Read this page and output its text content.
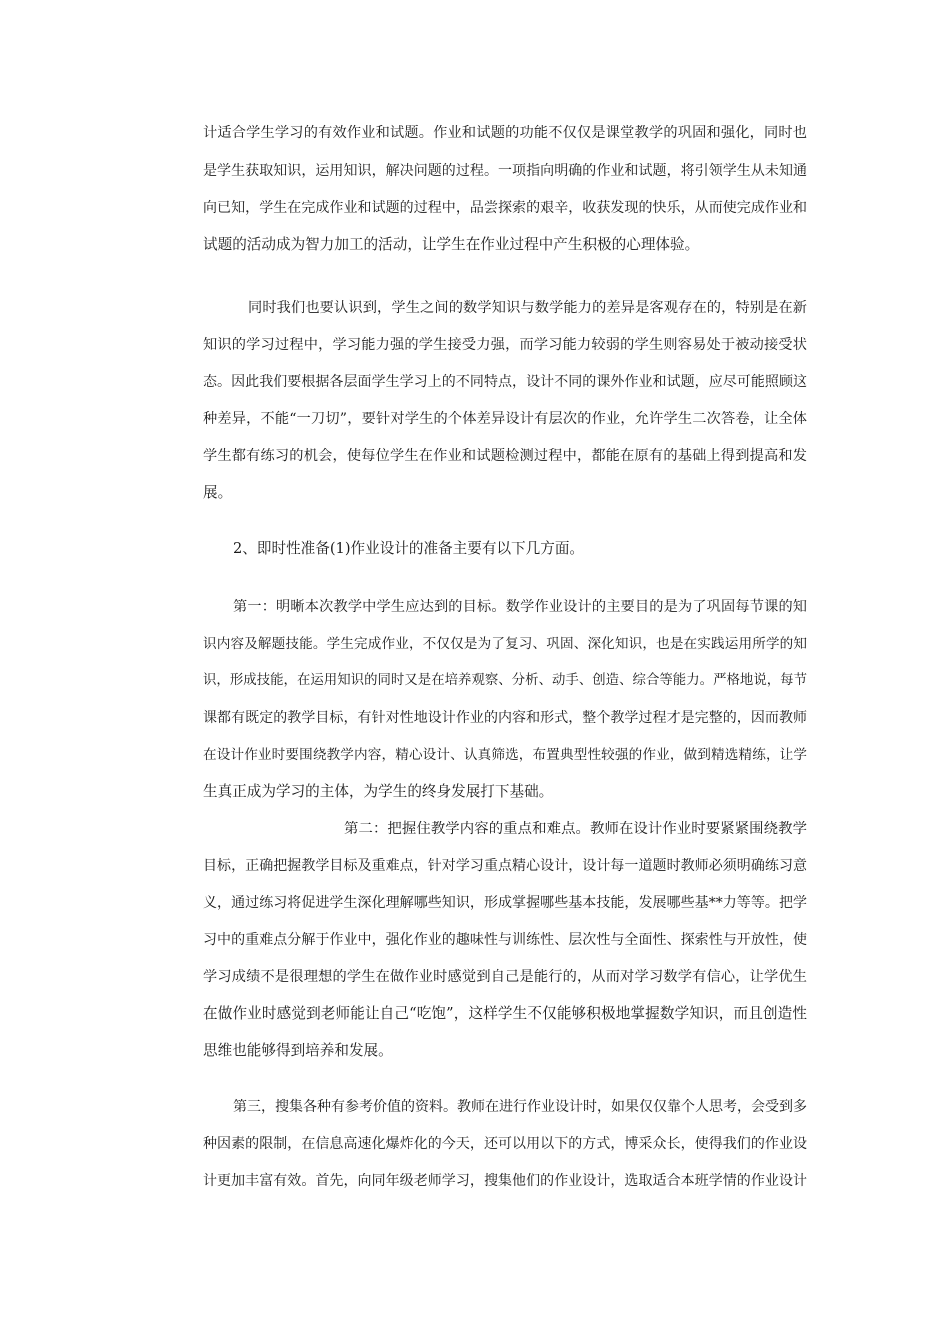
计适合学生学习的有效作业和试题。作业和试题的功能不仅仅是课堂教学的巩固和强化，同时也
是学生获取知识，运用知识，解决问题的过程。一项指向明确的作业和试题，将引领学生从未知通
向已知，学生在完成作业和试题的过程中，品尝探索的艰辛，收获发现的快乐，从而使完成作业和
试题的活动成为智力加工的活动，让学生在作业过程中产生积极的心理体验。
同时我们也要认识到，学生之间的数学知识与数学能力的差异是客观存在的，特别是在新
知识的学习过程中，学习能力强的学生接受力强，而学习能力较弱的学生则容易处于被动接受状
态。因此我们要根据各层面学生学习上的不同特点，设计不同的课外作业和试题，应尽可能照顾这
种差异，不能“一刀切”，要针对学生的个体差异设计有层次的作业，允许学生二次答卷，让全体
学生都有练习的机会，使每位学生在作业和试题检测过程中，都能在原有的基础上得到提高和发
展。
2、即时性准备(1)作业设计的准备主要有以下几方面。
第一：明晰本次教学中学生应达到的目标。数学作业设计的主要目的是为了巩固每节课的知
识内容及解题技能。学生完成作业，不仅仅是为了复习、巩固、深化知识，也是在实践运用所学的知
识，形成技能，在运用知识的同时又是在培养观察、分析、动手、创造、综合等能力。严格地说，每节
课都有既定的教学目标，有针对性地设计作业的内容和形式，整个教学过程才是完整的，因而教师
在设计作业时要围绕教学内容，精心设计、认真筛选，布置典型性较强的作业，做到精选精练，让学
生真正成为学习的主体，为学生的终身发展打下基础。
第二：把握住教学内容的重点和难点。教师在设计作业时要紧紧围绕教学
目标，正确把握教学目标及重难点，针对学习重点精心设计，设计每一道题时教师必须明确练习意
义，通过练习将促进学生深化理解哪些知识，形成掌握哪些基本技能，发展哪些基**力等等。把学
习中的重难点分解于作业中，强化作业的趣味性与训练性、层次性与全面性、探索性与开放性，使
学习成绩不是很理想的学生在做作业时感觉到自己是能行的，从而对学习数学有信心，让学优生
在做作业时感觉到老师能让自己“吃饱”，这样学生不仅能够积极地掌握数学知识，而且创造性
思维也能够得到培养和发展。
第三，搜集各种有参考价值的资料。教师在进行作业设计时，如果仅仅靠个人思考，会受到多
种因素的限制，在信息高速化爆炸化的今天，还可以用以下的方式，博采众长，使得我们的作业设
计更加丰富有效。首先，向同年级老师学习，搜集他们的作业设计，选取适合本班学情的作业设计
